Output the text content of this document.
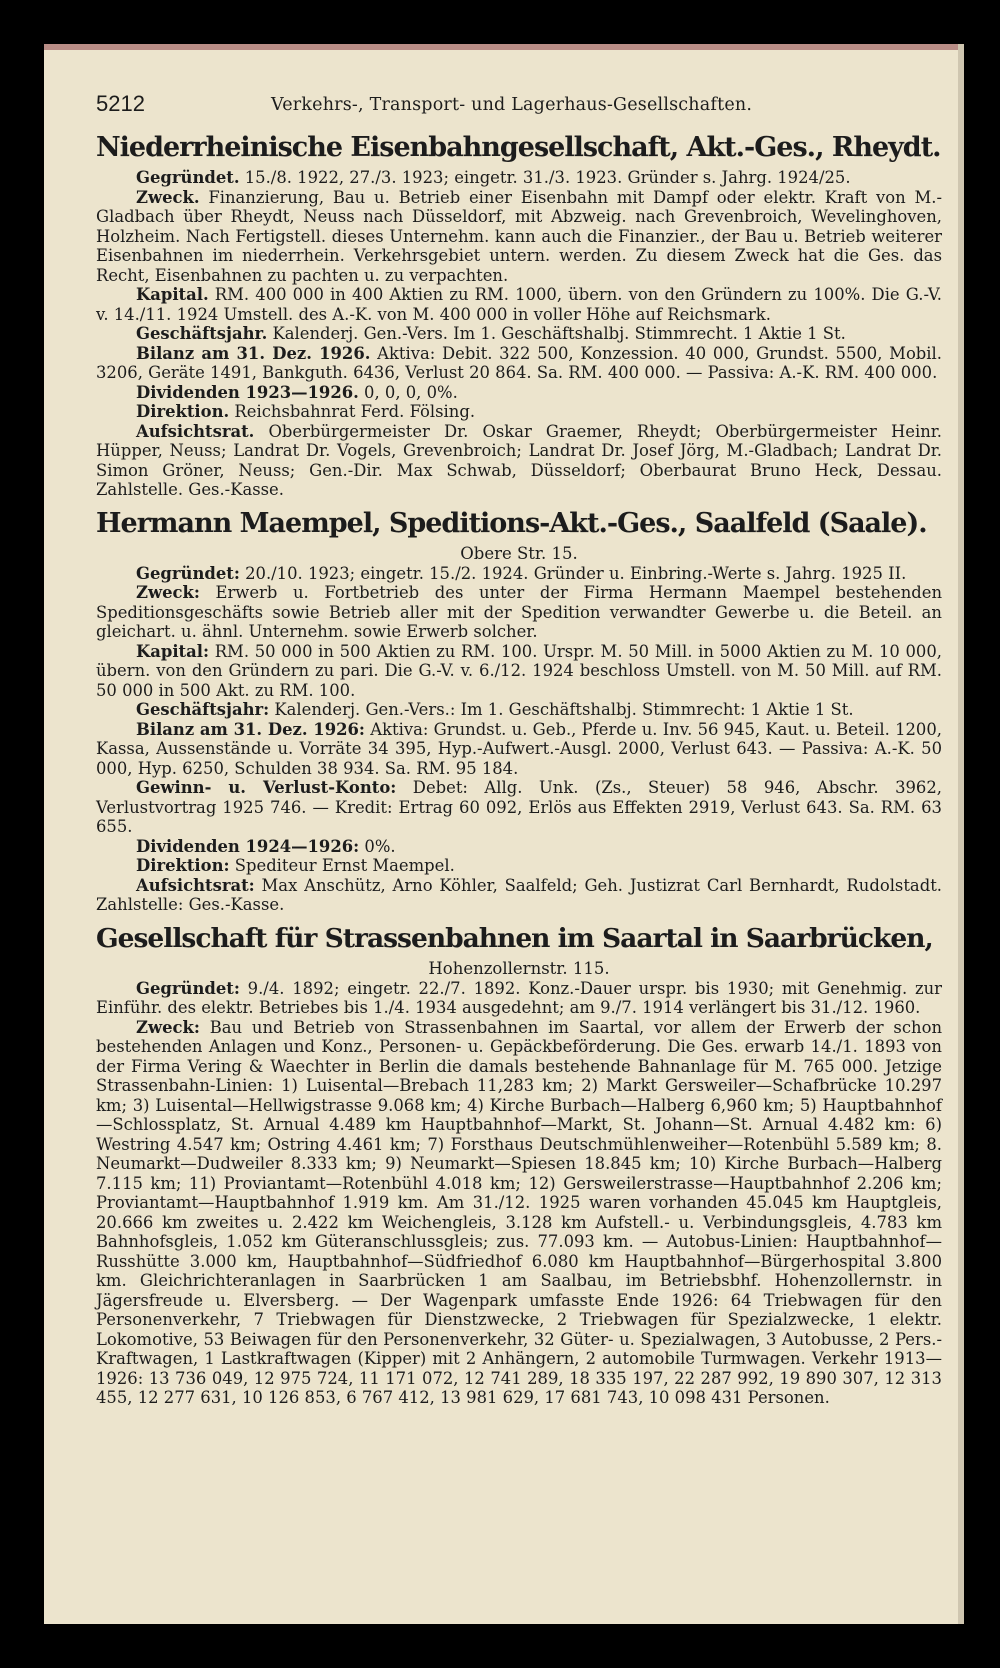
5212	Verkehrs-, Transport- und Lagerhaus-Gesellschaften.
Niederrheinische Eisenbahngesellschaft, Akt.-Ges., Rheydt.

Gegründet. 15./8. 1922, 27./3. 1923; eingetr. 31./3. 1923. Gründer s. Jahrg. 1924/25.

Zweck. Finanzierung, Bau u. Betrieb einer Eisenbahn mit Dampf oder elektr. Kraft von M.-Gladbach über Rheydt, Neuss nach Düsseldorf, mit Abzweig. nach Grevenbroich, Wevelinghoven, Holzheim. Nach Fertigstell. dieses Unternehm. kann auch die Finanzier., der Bau u. Betrieb weiterer Eisenbahnen im niederrhein. Verkehrsgebiet untern. werden. Zu diesem Zweck hat die Ges. das Recht, Eisenbahnen zu pachten u. zu verpachten.

Kapital. RM. 400 000 in 400 Aktien zu RM. 1000, übern. von den Gründern zu 100%. Die G.-V. v. 14./11. 1924 Umstell. des A.-K. von M. 400 000 in voller Höhe auf Reichsmark.

Geschäftsjahr. Kalenderj. Gen.-Vers. Im 1. Geschäftshalbj. Stimmrecht. 1 Aktie 1 St.

Bilanz am 31. Dez. 1926. Aktiva: Debit. 322 500, Konzession. 40 000, Grundst. 5500, Mobil. 3206, Geräte 1491, Bankguth. 6436, Verlust 20 864. Sa. RM. 400 000. — Passiva: A.-K. RM. 400 000.

Dividenden 1923—1926. 0, 0, 0, 0%.

Direktion. Reichsbahnrat Ferd. Fölsing.

Aufsichtsrat. Oberbürgermeister Dr. Oskar Graemer, Rheydt; Oberbürgermeister Heinr. Hüpper, Neuss; Landrat Dr. Vogels, Grevenbroich; Landrat Dr. Josef Jörg, M.-Gladbach; Landrat Dr. Simon Gröner, Neuss; Gen.-Dir. Max Schwab, Düsseldorf; Oberbaurat Bruno Heck, Dessau. Zahlstelle. Ges.-Kasse.

Hermann Maempel, Speditions-Akt.-Ges., Saalfeld (Saale).
Obere Str. 15.

Gegründet: 20./10. 1923; eingetr. 15./2. 1924. Gründer u. Einbring.-Werte s. Jahrg. 1925 II.

Zweck: Erwerb u. Fortbetrieb des unter der Firma Hermann Maempel bestehenden Speditionsgeschäfts sowie Betrieb aller mit der Spedition verwandter Gewerbe u. die Beteil. an gleichart. u. ähnl. Unternehm. sowie Erwerb solcher.

Kapital: RM. 50 000 in 500 Aktien zu RM. 100. Urspr. M. 50 Mill. in 5000 Aktien zu M. 10 000, übern. von den Gründern zu pari. Die G.-V. v. 6./12. 1924 beschloss Umstell. von M. 50 Mill. auf RM. 50 000 in 500 Akt. zu RM. 100.

Geschäftsjahr: Kalenderj. Gen.-Vers.: Im 1. Geschäftshalbj. Stimmrecht: 1 Aktie 1 St.

Bilanz am 31. Dez. 1926: Aktiva: Grundst. u. Geb., Pferde u. Inv. 56 945, Kaut. u. Beteil. 1200, Kassa, Aussenstände u. Vorräte 34 395, Hyp.-Aufwert.-Ausgl. 2000, Verlust 643. — Passiva: A.-K. 50 000, Hyp. 6250, Schulden 38 934. Sa. RM. 95 184.

Gewinn- u. Verlust-Konto: Debet: Allg. Unk. (Zs., Steuer) 58 946, Abschr. 3962, Verlustvortrag 1925 746. — Kredit: Ertrag 60 092, Erlös aus Effekten 2919, Verlust 643. Sa. RM. 63 655.

Dividenden 1924—1926: 0%.

Direktion: Spediteur Ernst Maempel.

Aufsichtsrat: Max Anschütz, Arno Köhler, Saalfeld; Geh. Justizrat Carl Bernhardt, Rudolstadt. Zahlstelle: Ges.-Kasse.

Gesellschaft für Strassenbahnen im Saartal in Saarbrücken,
Hohenzollernstr. 115.

Gegründet: 9./4. 1892; eingetr. 22./7. 1892. Konz.-Dauer urspr. bis 1930; mit Genehmig. zur Einführ. des elektr. Betriebes bis 1./4. 1934 ausgedehnt; am 9./7. 1914 verlängert bis 31./12. 1960.

Zweck: Bau und Betrieb von Strassenbahnen im Saartal, vor allem der Erwerb der schon bestehenden Anlagen und Konz., Personen- u. Gepäckbeförderung. Die Ges. erwarb 14./1. 1893 von der Firma Vering & Waechter in Berlin die damals bestehende Bahnanlage für M. 765 000. Jetzige Strassenbahn-Linien: 1) Luisental—Brebach 11,283 km; 2) Markt Gersweiler—Schafbrücke 10.297 km; 3) Luisental—Hellwigstrasse 9.068 km; 4) Kirche Burbach—Halberg 6,960 km; 5) Hauptbahnhof—Schlossplatz, St. Arnual 4.489 km Hauptbahnhof—Markt, St. Johann—St. Arnual 4.482 km: 6) Westring 4.547 km; Ostring 4.461 km; 7) Forsthaus Deutschmühlenweiher—Rotenbühl 5.589 km; 8. Neumarkt—Dudweiler 8.333 km; 9) Neumarkt—Spiesen 18.845 km; 10) Kirche Burbach—Halberg 7.115 km; 11) Proviantamt—Rotenbühl 4.018 km; 12) Gersweilerstrasse—Hauptbahnhof 2.206 km; Proviantamt—Hauptbahnhof 1.919 km. Am 31./12. 1925 waren vorhanden 45.045 km Hauptgleis, 20.666 km zweites u. 2.422 km Weichengleis, 3.128 km Aufstell.- u. Verbindungsgleis, 4.783 km Bahnhofsgleis, 1.052 km Güteranschlussgleis; zus. 77.093 km. — Autobus-Linien: Hauptbahnhof—Russhütte 3.000 km, Hauptbahnhof—Südfriedhof 6.080 km Hauptbahnhof—Bürgerhospital 3.800 km. Gleichrichteranlagen in Saarbrücken 1 am Saalbau, im Betriebsbhf. Hohenzollernstr. in Jägersfreude u. Elversberg. — Der Wagenpark umfasste Ende 1926: 64 Triebwagen für den Personenverkehr, 7 Triebwagen für Dienstzwecke, 2 Triebwagen für Spezialzwecke, 1 elektr. Lokomotive, 53 Beiwagen für den Personenverkehr, 32 Güter- u. Spezialwagen, 3 Autobusse, 2 Pers.-Kraftwagen, 1 Lastkraftwagen (Kipper) mit 2 Anhängern, 2 automobile Turmwagen. Verkehr 1913—1926: 13 736 049, 12 975 724, 11 171 072, 12 741 289, 18 335 197, 22 287 992, 19 890 307, 12 313 455, 12 277 631, 10 126 853, 6 767 412, 13 981 629, 17 681 743, 10 098 431 Personen.
